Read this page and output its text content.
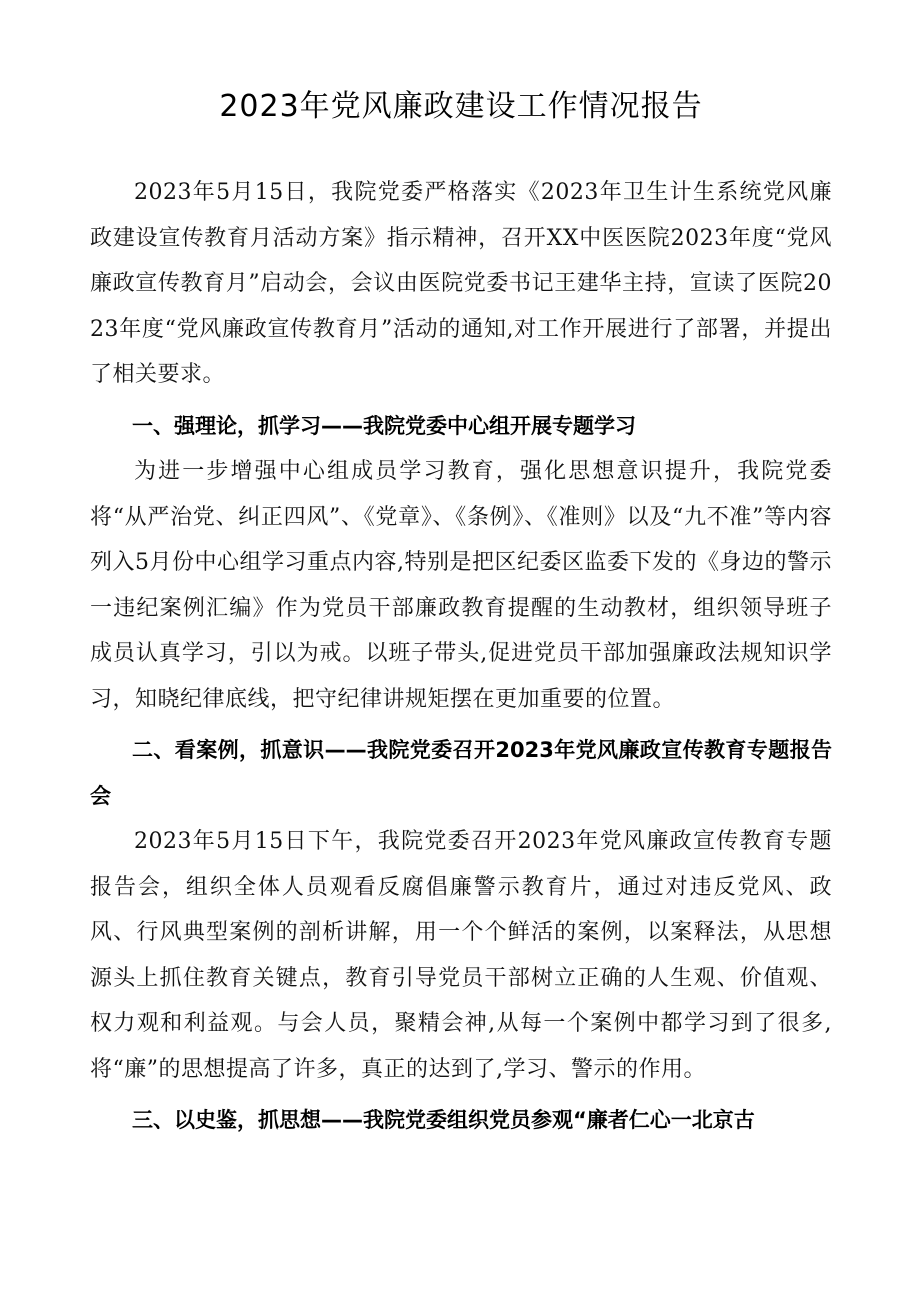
2023年党风廉政建设工作情况报告

2023年5月15日，我院党委严格落实《2023年卫生计生系统党风廉政建设宣传教育月活动方案》指示精神，召开XX中医医院2023年度“党风廉政宣传教育月”启动会，会议由医院党委书记王建华主持，宣读了医院2023年度“党风廉政宣传教育月”活动的通知,对工作开展进行了部署，并提出了相关要求。

一、强理论，抓学习——我院党委中心组开展专题学习

为进一步增强中心组成员学习教育，强化思想意识提升，我院党委将“从严治党、纠正四风”、《党章》、《条例》、《准则》以及“九不准”等内容列入5月份中心组学习重点内容,特别是把区纪委区监委下发的《身边的警示一违纪案例汇编》作为党员干部廉政教育提醒的生动教材，组织领导班子成员认真学习，引以为戒。以班子带头,促进党员干部加强廉政法规知识学习，知晓纪律底线，把守纪律讲规矩摆在更加重要的位置。

二、看案例，抓意识——我院党委召开2023年党风廉政宣传教育专题报告会

2023年5月15日下午，我院党委召开2023年党风廉政宣传教育专题报告会，组织全体人员观看反腐倡廉警示教育片，通过对违反党风、政风、行风典型案例的剖析讲解，用一个个鲜活的案例，以案释法，从思想源头上抓住教育关键点，教育引导党员干部树立正确的人生观、价值观、权力观和利益观。与会人员，聚精会神,从每一个案例中都学习到了很多,将“廉”的思想提高了许多，真正的达到了,学习、警示的作用。

三、以史鉴，抓思想——我院党委组织党员参观“廉者仁心一北京古
